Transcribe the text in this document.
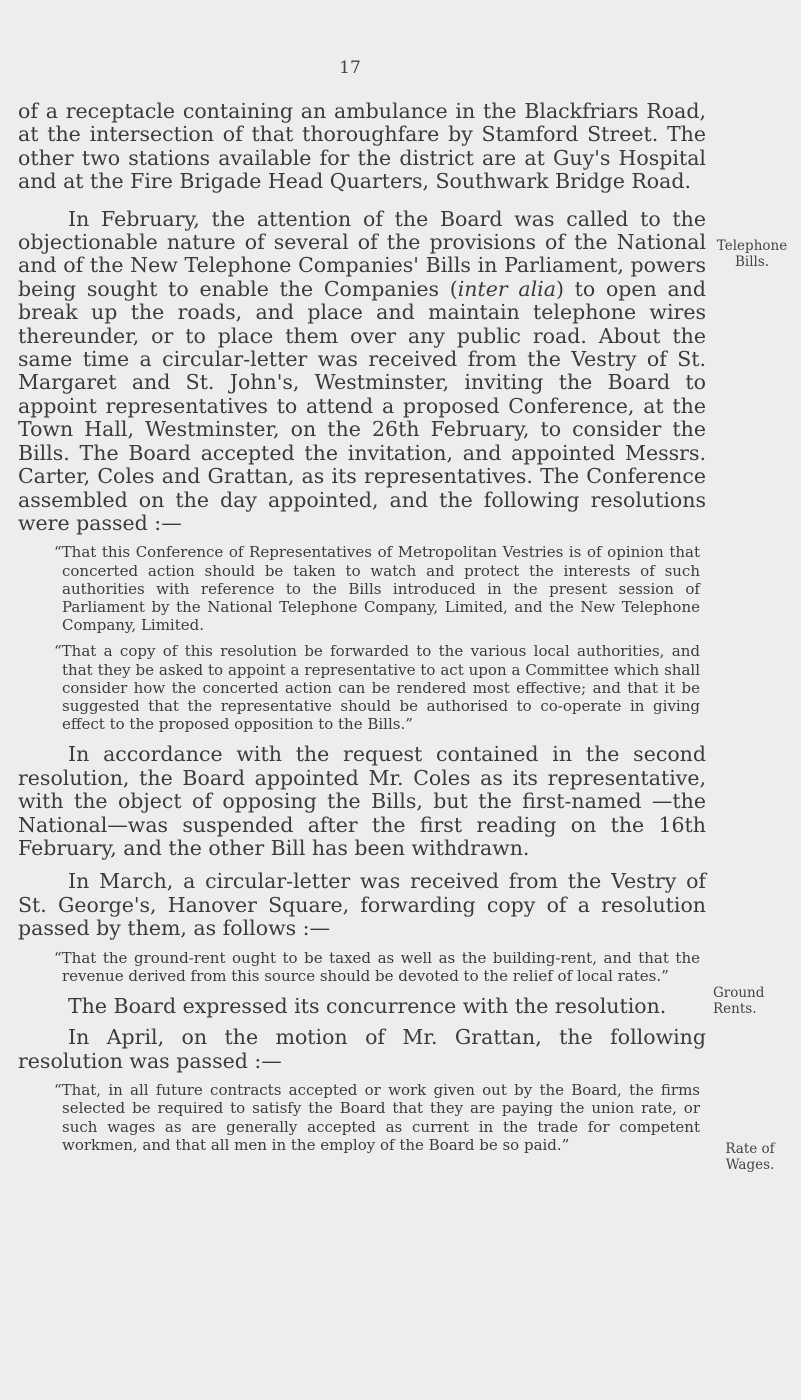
17

of a receptacle containing an ambulance in the Blackfriars Road, at the intersection of that thoroughfare by Stamford Street. The other two stations available for the district are at Guy's Hospital and at the Fire Brigade Head Quarters, Southwark Bridge Road.

In February, the attention of the Board was called to the objectionable nature of several of the provisions of the National and of the New Telephone Companies' Bills in Parliament, powers being sought to enable the Companies (inter alia) to open and break up the roads, and place and maintain telephone wires thereunder, or to place them over any public road. About the same time a circular-letter was received from the Vestry of St. Margaret and St. John's, Westminster, inviting the Board to appoint representatives to attend a proposed Conference, at the Town Hall, Westminster, on the 26th February, to consider the Bills. The Board accepted the invitation, and appointed Messrs. Carter, Coles and Grattan, as its representatives. The Conference assembled on the day appointed, and the following resolutions were passed :—

“That this Conference of Representatives of Metropolitan Vestries is of opinion that concerted action should be taken to watch and protect the interests of such authorities with reference to the Bills introduced in the present session of Parliament by the National Telephone Company, Limited, and the New Telephone Company, Limited.

“That a copy of this resolution be forwarded to the various local authorities, and that they be asked to appoint a representative to act upon a Committee which shall consider how the concerted action can be rendered most effective; and that it be suggested that the representative should be authorised to co-operate in giving effect to the proposed opposition to the Bills.”

In accordance with the request contained in the second resolution, the Board appointed Mr. Coles as its representative, with the object of opposing the Bills, but the first-named —the National—was suspended after the first reading on the 16th February, and the other Bill has been withdrawn.

In March, a circular-letter was received from the Vestry of St. George's, Hanover Square, forwarding copy of a resolution passed by them, as follows :—

“That the ground-rent ought to be taxed as well as the building-rent, and that the revenue derived from this source should be devoted to the relief of local rates.”

The Board expressed its concurrence with the resolution.

In April, on the motion of Mr. Grattan, the following resolution was passed :—

“That, in all future contracts accepted or work given out by the Board, the firms selected be required to satisfy the Board that they are paying the union rate, or such wages as are generally accepted as current in the trade for competent workmen, and that all men in the employ of the Board be so paid.”

Telephone Bills.
Ground Rents.
Rate of Wages.
